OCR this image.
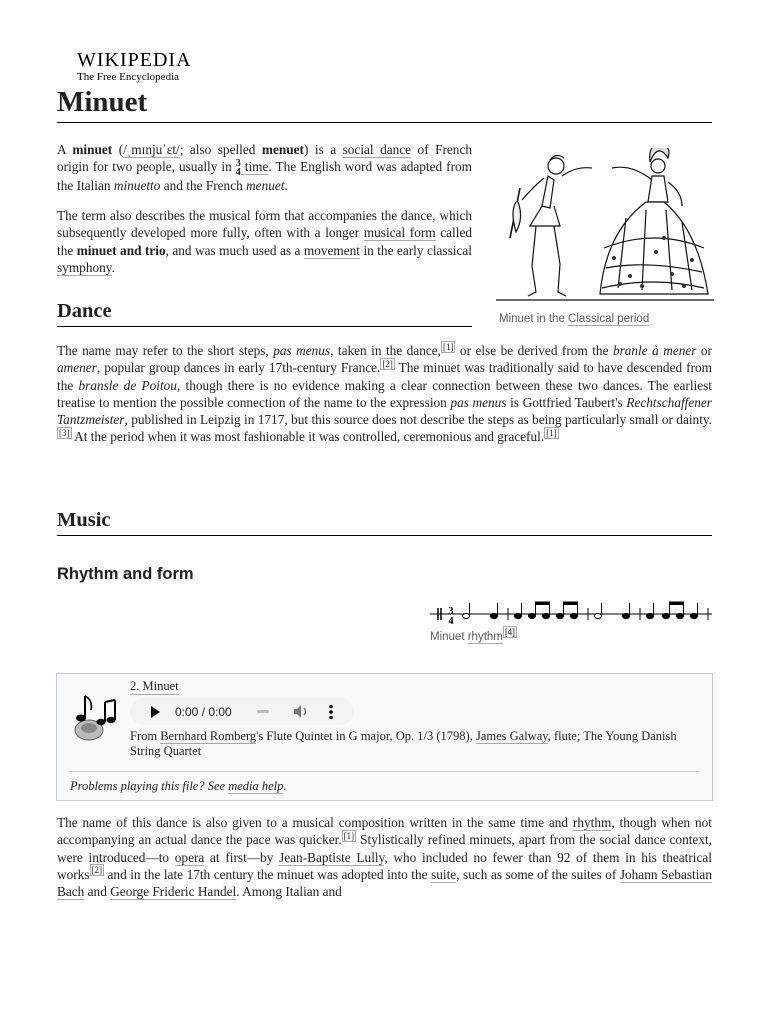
WIKIPEDIA
The Free Encyclopedia
Minuet

A minuet (/ˌmɪnjuˈɛt/; also spelled menuet) is a social dance of French origin for two people, usually in 3
4 time. The English word was adapted from the Italian minuetto and the French menuet.

The term also describes the musical form that accompanies the dance, which subsequently developed more fully, often with a longer musical form called the minuet and trio, and was much used as a movement in the early classical symphony.

Minuet in the Classical period
Dance

The name may refer to the short steps, pas menus, taken in the dance, [1] or else be derived from the branle à mener or amener, popular group dances in early 17th-century France. [2] The minuet was traditionally said to have descended from the bransle de Poitou, though there is no evidence making a clear connection between these two dances. The earliest treatise to mention the possible connection of the name to the expression pas menus is Gottfried Taubert's Rechtschaffener Tantzmeister, published in Leipzig in 1717, but this source does not describe the steps as being particularly small or dainty.[3] At the period when it was most fashionable it was controlled, ceremonious and graceful. [1]

Music
Rhythm and form
3
4
Minuet rhythm [4]
2. Minuet
0:00 / 0:00
From Bernhard Romberg's Flute Quintet in G major, Op. 1/3 (1798), James Galway, flute; The Young Danish String Quartet
Problems playing this file? See media help.

The name of this dance is also given to a musical composition written in the same time and rhythm, though when not accompanying an actual dance the pace was quicker. [1] Stylistically refined minuets, apart from the social dance context, were introduced—to opera at first—by Jean-Baptiste Lully, who included no fewer than 92 of them in his theatrical works [2] and in the late 17th century the minuet was adopted into the suite, such as some of the suites of Johann Sebastian Bach and George Frideric Handel. Among Italian and
